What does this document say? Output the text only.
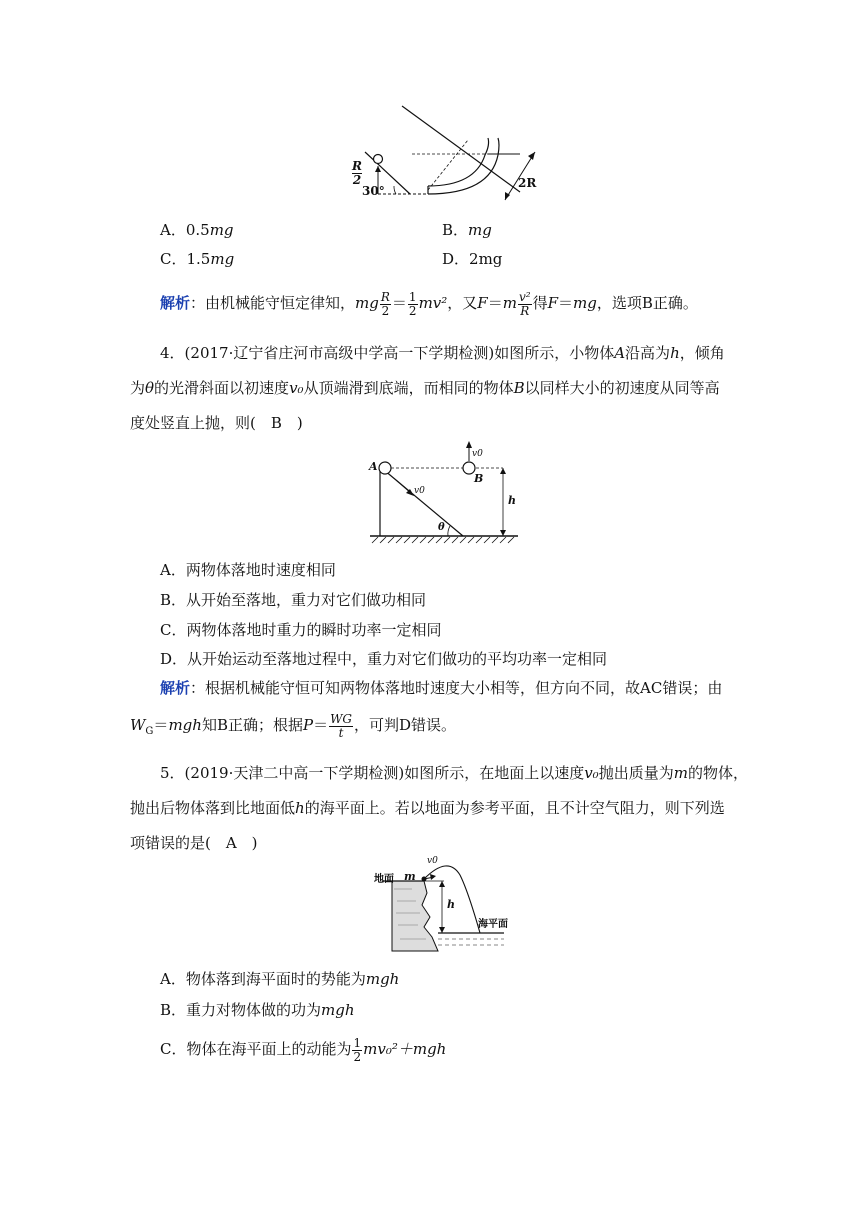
R
2
30°
2R
A．0.5mg	B．mg
C．1.5mg	D．2mg
解析：由机械能守恒定律知，mg $\frac{R}{2} = \frac{1}{2} mv^2$，又$F=m \frac{\text{v²}}{R}$ 得F＝mg，选项B正确。
4．(2017·辽宁省庄河市高级中学高一下学期检测)如图所示，小物体A沿高为h，倾角
为θ的光滑斜面以初速度v₀从顶端滑到底端，而相同的物体B以同样大小的初速度从同等高
度处竖直上抛，则(　B　)
A
B
v0
v0
h
θ
A．两物体落地时速度相同
B．从开始至落地，重力对它们做功相同
C．两物体落地时重力的瞬时功率一定相同
D．从开始运动至落地过程中，重力对它们做功的平均功率一定相同
解析：根据机械能守恒可知两物体落地时速度大小相等，但方向不同，故AC错误；由
$W_G=mgh$知B正确；根据$P= \frac{WG}{t}$ ，可判D错误。
5．(2019·天津二中高一下学期检测)如图所示，在地面上以速度v₀抛出质量为m的物体，
抛出后物体落到比地面低h的海平面上。若以地面为参考平面，且不计空气阻力，则下列选
项错误的是(　A　)
地面 m
v0
h
海平面
A．物体落到海平面时的势能为mgh
B．重力对物体做的功为mgh
C．物体在海平面上的动能为 $\frac{1}{2} mv_0^2+mgh$
